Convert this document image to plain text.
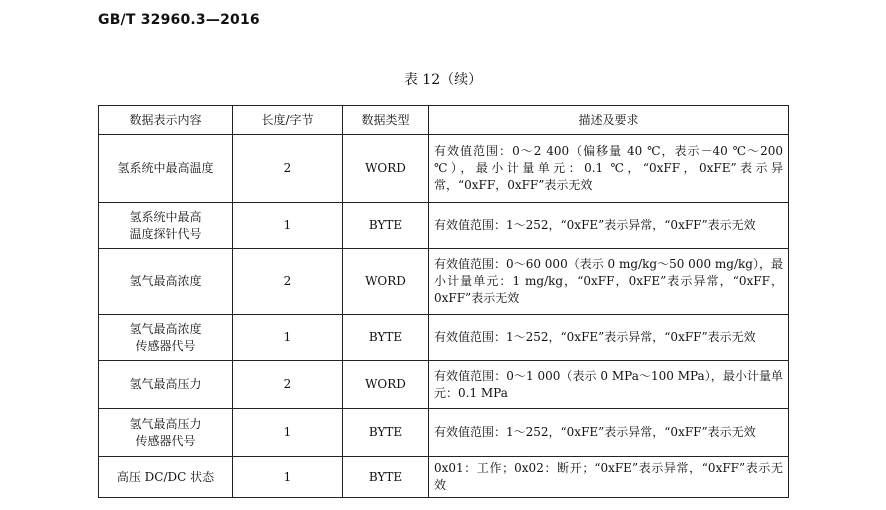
GB/T 32960.3—2016
表 12（续）
数据表示内容	长度/字节	数据类型	描述及要求
氢系统中最高温度	2	WORD	有效值范围：0～2 400（偏移量 40 ℃，表示－40 ℃～200 ℃），最小计量单元：0.1 ℃，“0xFF，0xFE”表示异常，“0xFF，0xFF”表示无效

氢系统中最高
温度探针代号	1	BYTE	有效值范围：1～252，“0xFE”表示异常，“0xFF”表示无效
氢气最高浓度	2	WORD	有效值范围：0～60 000（表示 0 mg/kg～50 000 mg/kg），最小计量单元：1 mg/kg，“0xFF，0xFE”表示异常，“0xFF，0xFF”表示无效

氢气最高浓度
传感器代号	1	BYTE	有效值范围：1～252，“0xFE”表示异常，“0xFF”表示无效
氢气最高压力	2	WORD	有效值范围：0～1 000（表示 0 MPa～100 MPa），最小计量单元：0.1 MPa

氢气最高压力
传感器代号	1	BYTE	有效值范围：1～252，“0xFE”表示异常，“0xFF”表示无效
高压 DC/DC 状态	1	BYTE	0x01：工作；0x02：断开；“0xFE”表示异常，“0xFF”表示无效
